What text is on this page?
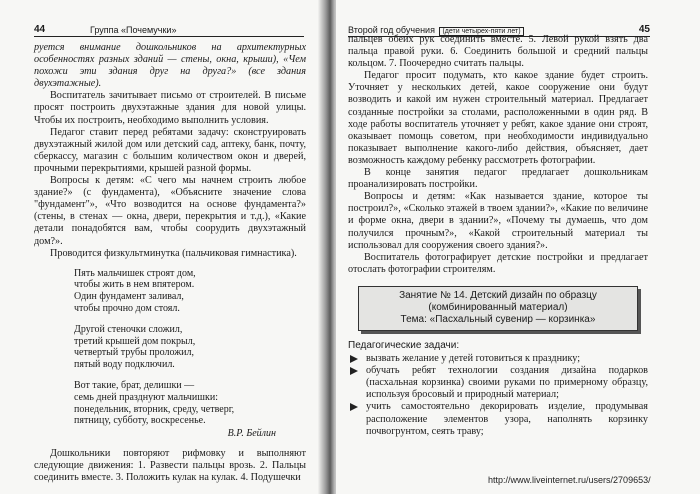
44	Группа «Почемучки»

руется внимание дошкольников на архитектурных особенностях разных зданий — стены, окна, крыши), «Чем похожи эти здания друг на друга?» (все здания двухэтажные).

Воспитатель зачитывает письмо от строителей. В письме просят построить двухэтажные здания для новой улицы. Чтобы их построить, необходимо выполнить условия.

Педагог ставит перед ребятами задачу: сконструировать двухэтажный жилой дом или детский сад, аптеку, банк, почту, сберкассу, магазин с большим количеством окон и дверей, прочными перекрытиями, крышей разной формы.

Вопросы к детям: «С чего мы начнем строить любое здание?» (с фундамента), «Объясните значение слова "фундамент"», «Что возводится на основе фундамента?» (стены, в стенах — окна, двери, перекрытия и т.д.), «Какие детали понадобятся вам, чтобы соорудить двухэтажный дом?».

Проводится физкультминутка (пальчиковая гимнастика).

Пять мальчишек строят дом,
чтобы жить в нем впятером.
Один фундамент заливал,
чтобы прочно дом стоял.
Другой стеночки сложил,
третий крышей дом покрыл,
четвертый трубы проложил,
пятый воду подключил.
Вот такие, брат, делишки —
семь дней празднуют мальчишки:
понедельник, вторник, среду, четверг,
пятницу, субботу, воскресенье.
В.Р. Бейлин

Дошкольники повторяют рифмовку и выполняют следующие движения: 1. Развести пальцы врозь. 2. Пальцы соединить вместе. 3. Положить кулак на кулак. 4. Подушечки

Второй год обучения (дети четырех-пяти лет)	45

пальцев обеих рук соединить вместе. 5. Левой рукой взять два пальца правой руки. 6. Соединить большой и средний пальцы кольцом. 7. Поочередно считать пальцы.

Педагог просит подумать, кто какое здание будет строить. Уточняет у нескольких детей, какое сооружение они будут возводить и какой им нужен строительный материал. Предлагает созданные постройки за столами, расположенными в один ряд. В ходе работы воспитатель уточняет у ребят, какое здание они строят, оказывает помощь советом, при необходимости индивидуально показывает выполнение какого-либо действия, объясняет, дает возможность каждому ребенку рассмотреть фотографии.

В конце занятия педагог предлагает дошкольникам проанализировать постройки.

Вопросы и детям: «Как называется здание, которое ты построил?», «Сколько этажей в твоем здании?», «Какие по величине и форме окна, двери в здании?», «Почему ты думаешь, что дом получился прочным?», «Какой строительный материал ты использовал для сооружения своего здания?».

Воспитатель фотографирует детские постройки и предлагает отослать фотографии строителям.

Занятие № 14. Детский дизайн по образцу
(комбинированный материал)
Тема: «Пасхальный сувенир — корзинка»
Педагогические задачи:
вызвать желание у детей готовиться к празднику;
обучать ребят технологии создания дизайна подарков (пасхальная корзинка) своими руками по примерному образцу, используя бросовый и природный материал;
учить самостоятельно декорировать изделие, продумывая расположение элементов узора, наполнять корзинку почвогрунтом, сеять траву;
http://www.liveinternet.ru/users/2709653/
